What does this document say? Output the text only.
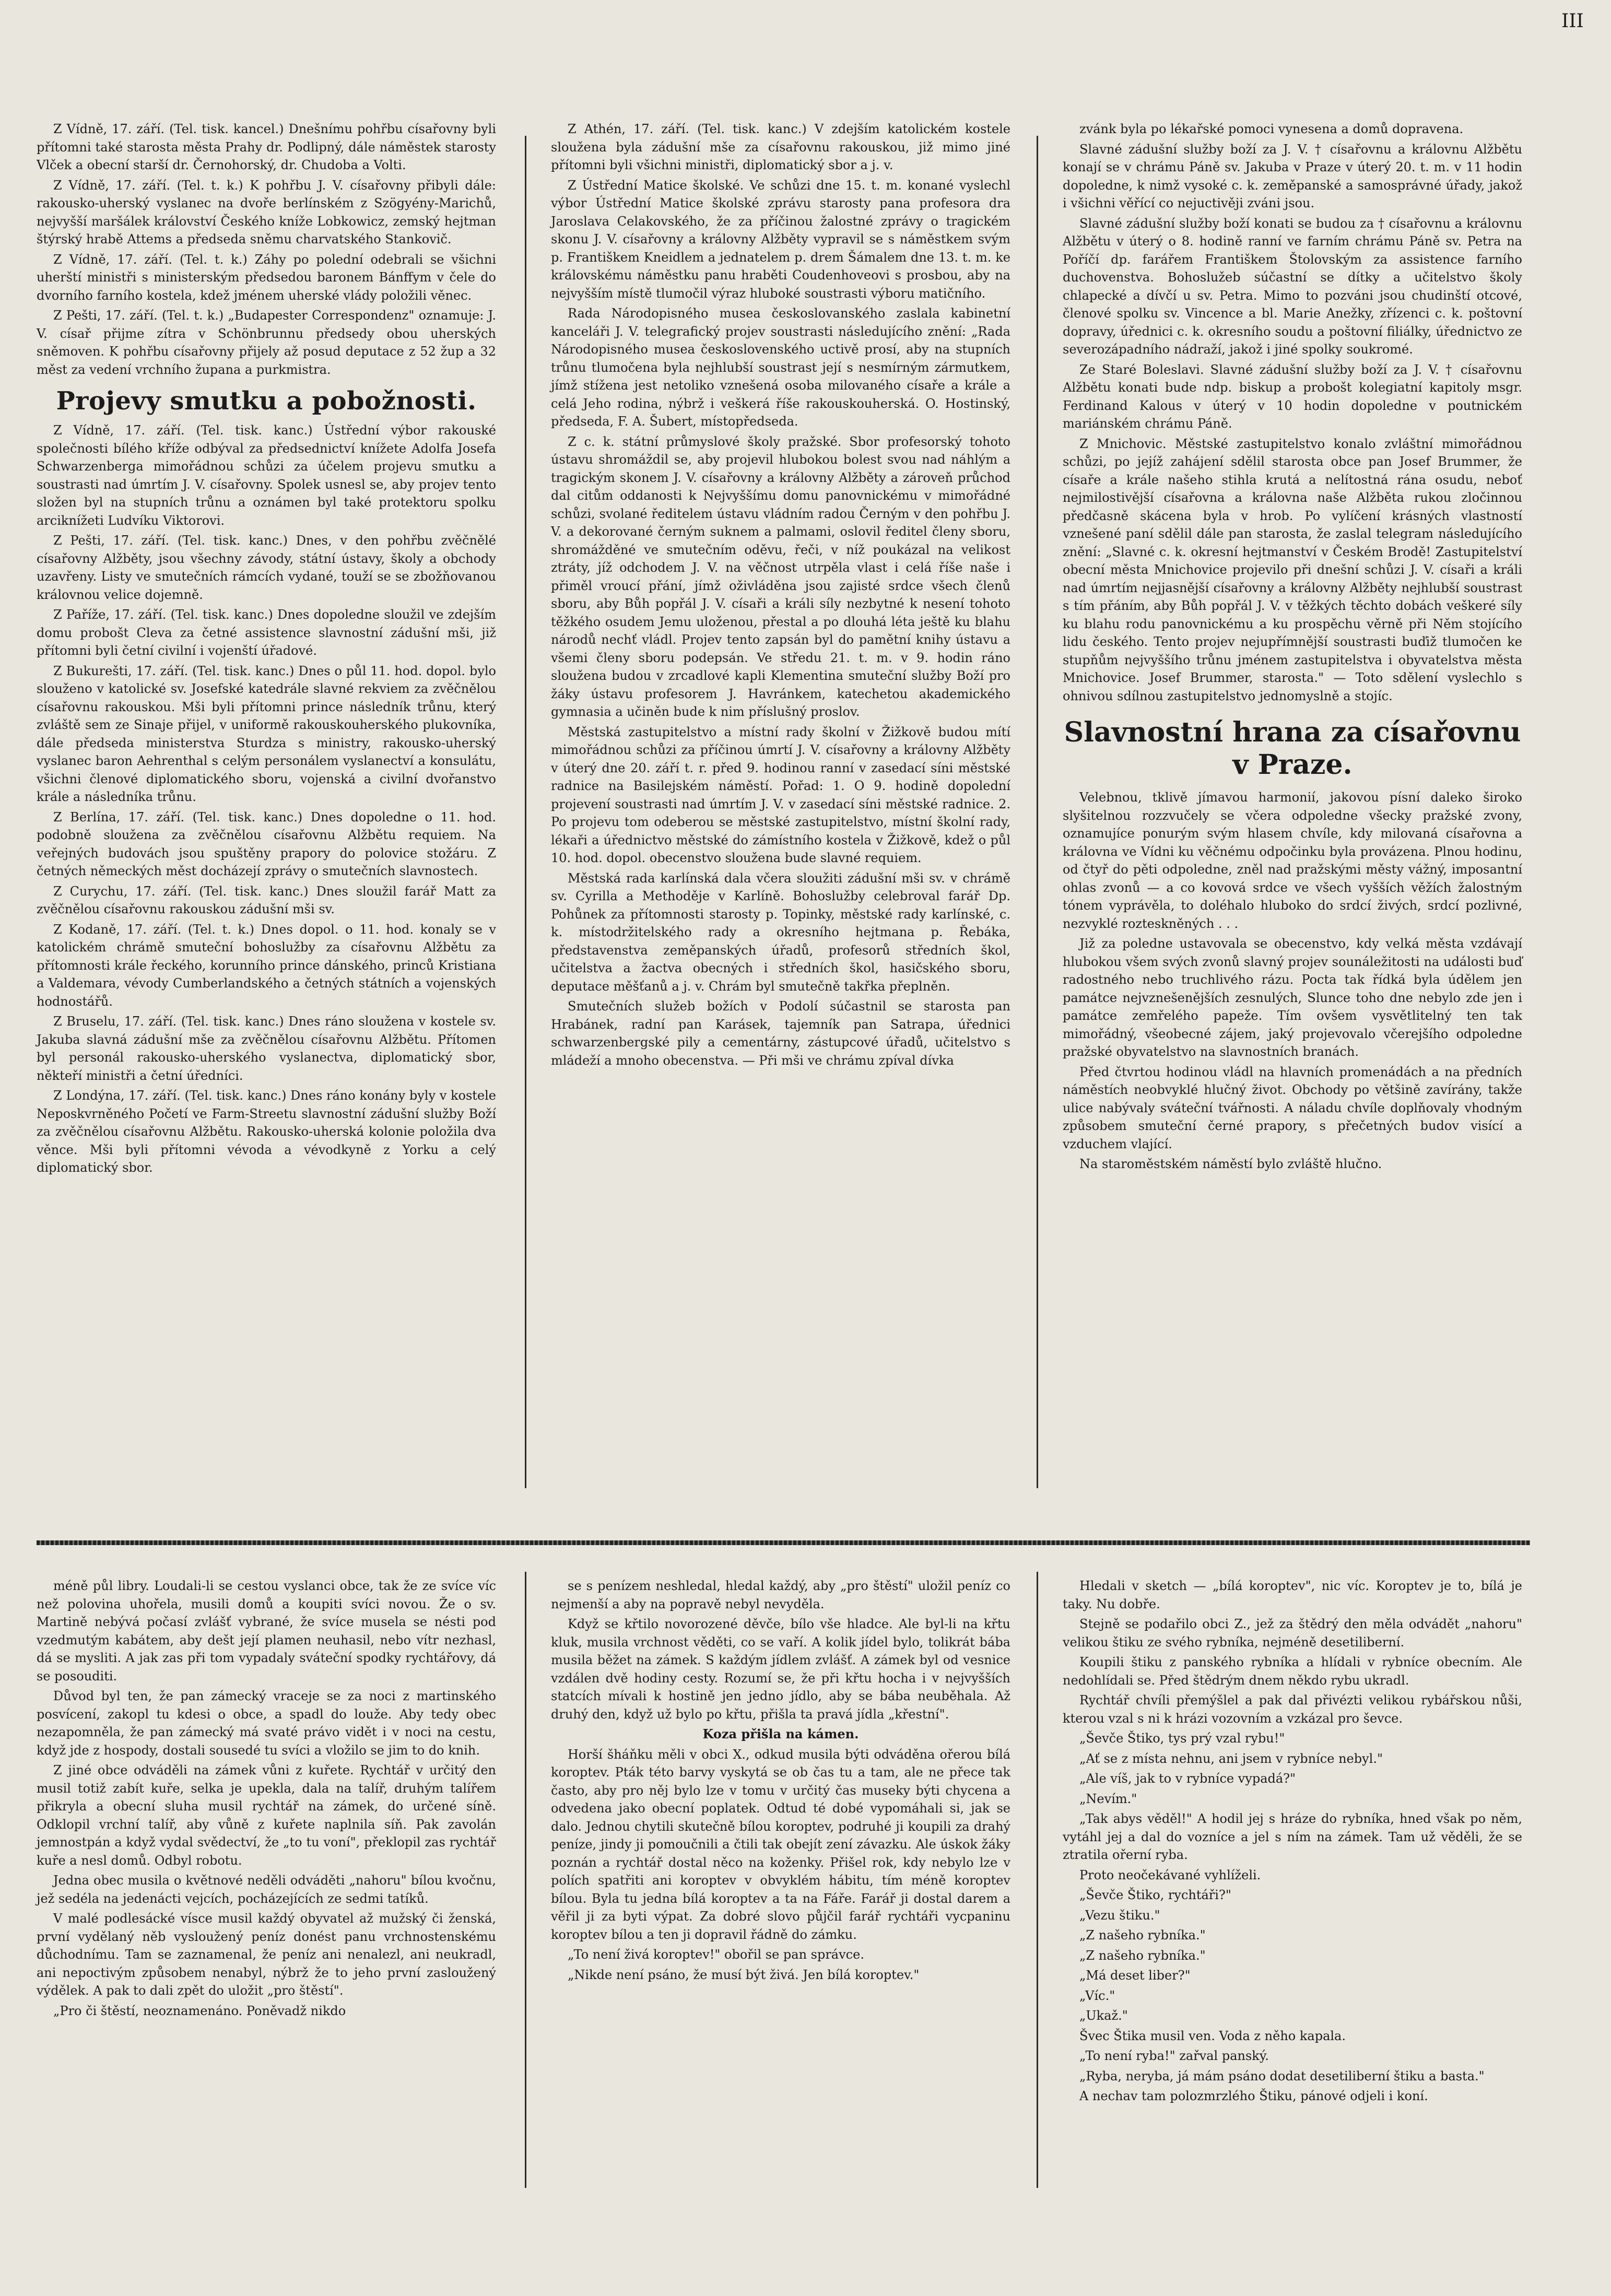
Z Vídně, 17. září. (Tel. tisk. kancel.) Dnešnímu pohřbu císařovny byli přítomni také starosta města Prahy dr. Podlipný, dále náměstek starosty Vlček a obecní starší dr. Černohorský, dr. Chudoba a Volti.

Z Vídně, 17. září. (Tel. t. k.) K pohřbu J. V. císařovny přibyli dále: rakousko-uherský vyslanec na dvoře berlínském z Szögyény-Marichů, nejvyšší maršálek království Českého kníže Lobkowicz, zemský hejtman štýrský hrabě Attems a předseda sněmu charvatského Stankovič.

Z Vídně, 17. září. (Tel. t. k.) Záhy po polední odebrali se všichni uherští ministři s ministerským předsedou baronem Bánffym v čele do dvorního farního kostela, kdež jménem uherské vlády položili věnec.

Z Pešti, 17. září. (Tel. t. k.) „Budapester Correspondenz" oznamuje: J. V. císař přijme zítra v Schönbrunnu předsedy obou uherských sněmoven. K pohřbu císařovny přijely až posud deputace z 52 žup a 32 měst za vedení vrchního župana a purkmistra.

Projevy smutku a pobožnosti.

Z Vídně, 17. září. (Tel. tisk. kanc.) Ústřední výbor rakouské společnosti bílého kříže odbýval za předsednictví knížete Adolfa Josefa Schwarzenberga mimořádnou schůzi za účelem projevu smutku a soustrasti nad úmrtím J. V. císařovny. Spolek usnesl se, aby projev tento složen byl na stupních trůnu a oznámen byl také protektoru spolku arciknížeti Ludvíku Viktorovi.

Z Pešti, 17. září. (Tel. tisk. kanc.) Dnes, v den pohřbu zvěčnělé císařovny Alžběty, jsou všechny závody, státní ústavy, školy a obchody uzavřeny. Listy ve smutečních rámcích vydané, touží se se zbožňovanou královnou velice dojemně.

Z Paříže, 17. září. (Tel. tisk. kanc.) Dnes dopoledne sloužil ve zdejším domu probošt Cleva za četné assistence slavnostní zádušní mši, již přítomni byli četní civilní i vojenští úřadové.

Z Bukurešti, 17. září. (Tel. tisk. kanc.) Dnes o půl 11. hod. dopol. bylo slouženo v katolické sv. Josefské katedrále slavné rekviem za zvěčnělou císařovnu rakouskou. Mši byli přítomni prince následník trůnu, který zvláště sem ze Sinaje přijel, v uniformě rakouskouherského plukovníka, dále předseda ministerstva Sturdza s ministry, rakousko-uherský vyslanec baron Aehrenthal s celým personálem vyslanectví a konsulátu, všichni členové diplomatického sboru, vojenská a civilní dvořanstvo krále a následníka trůnu.

Z Berlína, 17. září. (Tel. tisk. kanc.) Dnes dopoledne o 11. hod. podobně sloužena za zvěčnělou císařovnu Alžbětu requiem. Na veřejných budovách jsou spuštěny prapory do polovice stožáru. Z četných německých měst docházejí zprávy o smutečních slavnostech.

Z Curychu, 17. září. (Tel. tisk. kanc.) Dnes sloužil farář Matt za zvěčnělou císařovnu rakouskou zádušní mši sv.

Z Kodaně, 17. září. (Tel. t. k.) Dnes dopol. o 11. hod. konaly se v katolickém chrámě smuteční bohoslužby za císařovnu Alžbětu za přítomnosti krále řeckého, korunního prince dánského, princů Kristiana a Valdemara, vévody Cumberlandského a četných státních a vojenských hodnostářů.

Z Bruselu, 17. září. (Tel. tisk. kanc.) Dnes ráno sloužena v kostele sv. Jakuba slavná zádušní mše za zvěčnělou císařovnu Alžbětu. Přítomen byl personál rakousko-uherského vyslanectva, diplomatický sbor, někteří ministři a četní úředníci.

Z Londýna, 17. září. (Tel. tisk. kanc.) Dnes ráno konány byly v kostele Neposkvrněného Početí ve Farm-Streetu slavnostní zádušní služby Boží za zvěčnělou císařovnu Alžbětu. Rakousko-uherská kolonie položila dva věnce. Mši byli přítomni vévoda a vévodkyně z Yorku a celý diplomatický sbor.

Z Athén, 17. září. (Tel. tisk. kanc.) V zdejším katolickém kostele sloužena byla zádušní mše za císařovnu rakouskou, již mimo jiné přítomni byli všichni ministři, diplomatický sbor a j. v.

Z Ústřední Matice školské. Ve schůzi dne 15. t. m. konané vyslechl výbor Ústřední Matice školské zprávu starosty pana profesora dra Jaroslava Celakovského, že za příčinou žalostné zprávy o tragickém skonu J. V. císařovny a královny Alžběty vypravil se s náměstkem svým p. Františkem Kneidlem a jednatelem p. drem Šámalem dne 13. t. m. ke královskému náměstku panu hraběti Coudenhoveovi s prosbou, aby na nejvyšším místě tlumočil výraz hluboké soustrasti výboru matičního.

Rada Národopisného musea českoslovanského zaslala kabinetní kanceláři J. V. telegrafický projev soustrasti následujícího znění: „Rada Národopisného musea československého uctivě prosí, aby na stupních trůnu tlumočena byla nejhlubší soustrast její s nesmírným zármutkem, jímž stížena jest netoliko vznešená osoba milovaného císaře a krále a celá Jeho rodina, nýbrž i veškerá říše rakouskouherská. O. Hostinský, předseda, F. A. Šubert, místopředseda.

Z c. k. státní průmyslové školy pražské. Sbor profesorský tohoto ústavu shromáždil se, aby projevil hlubokou bolest svou nad náhlým a tragickým skonem J. V. císařovny a královny Alžběty a zároveň průchod dal citům oddanosti k Nejvyššímu domu panovnickému v mimořádné schůzi, svolané ředitelem ústavu vládním radou Černým v den pohřbu J. V. a dekorované černým suknem a palmami, oslovil ředitel členy sboru, shromážděné ve smutečním oděvu, řeči, v níž poukázal na velikost ztráty, jíž odchodem J. V. na věčnost utrpěla vlast i celá říše naše i přiměl vroucí přání, jímž oživláděna jsou zajisté srdce všech členů sboru, aby Bůh popřál J. V. císaři a králi síly nezbytné k nesení tohoto těžkého osudem Jemu uloženou, přestal a po dlouhá léta ještě ku blahu národů nechť vládl. Projev tento zapsán byl do pamětní knihy ústavu a všemi členy sboru podepsán. Ve středu 21. t. m. v 9. hodin ráno sloužena budou v zrcadlové kapli Klementina smuteční služby Boží pro žáky ústavu profesorem J. Havránkem, katechetou akademického gymnasia a učiněn bude k nim příslušný proslov.

Městská zastupitelstvo a místní rady školní v Žižkově budou mítí mimořádnou schůzi za příčinou úmrtí J. V. císařovny a královny Alžběty v úterý dne 20. září t. r. před 9. hodinou ranní v zasedací síni městské radnice na Basilejském náměstí. Pořad: 1. O 9. hodině dopolední projevení soustrasti nad úmrtím J. V. v zasedací síni městské radnice. 2. Po projevu tom odeberou se městské zastupitelstvo, místní školní rady, lékaři a úřednictvo městské do zámístního kostela v Žižkově, kdež o půl 10. hod. dopol. obecenstvo sloužena bude slavné requiem.

Městská rada karlínská dala včera sloužiti zádušní mši sv. v chrámě sv. Cyrilla a Methoděje v Karlíně. Bohoslužby celebroval farář Dp. Pohůnek za přítomnosti starosty p. Topinky, městské rady karlínské, c. k. místodržitelského rady a okresního hejtmana p. Řebáka, představenstva zeměpanských úřadů, profesorů středních škol, učitelstva a žactva obecných i středních škol, hasičského sboru, deputace měšťanů a j. v. Chrám byl smutečně takřka přeplněn.

Smutečních služeb božích v Podolí súčastnil se starosta pan Hrabánek, radní pan Karásek, tajemník pan Satrapa, úřednici schwarzenbergské pily a cementárny, zástupcové úřadů, učitelstvo s mládeží a mnoho obecenstva. — Při mši ve chrámu zpíval dívka

zvánk byla po lékařské pomoci vynesena a domů dopravena.

Slavné zádušní služby boží za J. V. † císařovnu a královnu Alžbětu konají se v chrámu Páně sv. Jakuba v Praze v úterý 20. t. m. v 11 hodin dopoledne, k nimž vysoké c. k. zeměpanské a samosprávné úřady, jakož i všichni věřící co nejuctivěji zváni jsou.

Slavné zádušní služby boží konati se budou za † císařovnu a královnu Alžbětu v úterý o 8. hodině ranní ve farním chrámu Páně sv. Petra na Poříčí dp. farářem Františkem Štolovským za assistence farního duchovenstva. Bohoslužeb súčastní se dítky a učitelstvo školy chlapecké a dívčí u sv. Petra. Mimo to pozváni jsou chudinští otcové, členové spolku sv. Vincence a bl. Marie Anežky, zřízenci c. k. poštovní dopravy, úřednici c. k. okresního soudu a poštovní filiálky, úřednictvo ze severozápadního nádraží, jakož i jiné spolky soukromé.

Ze Staré Boleslavi. Slavné zádušní služby boží za J. V. † císařovnu Alžbětu konati bude ndp. biskup a probošt kolegiatní kapitoly msgr. Ferdinand Kalous v úterý v 10 hodin dopoledne v poutnickém mariánském chrámu Páně.

Z Mnichovic. Městské zastupitelstvo konalo zvláštní mimořádnou schůzi, po jejíž zahájení sdělil starosta obce pan Josef Brummer, že císaře a krále našeho stihla krutá a nelítostná rána osudu, neboť nejmilostivější císařovna a královna naše Alžběta rukou zločinnou předčasně skácena byla v hrob. Po vylíčení krásných vlastností vznešené paní sdělil dále pan starosta, že zaslal telegram následujícího znění: „Slavné c. k. okresní hejtmanství v Českém Brodě! Zastupitelství obecní města Mnichovice projevilo při dnešní schůzi J. V. císaři a králi nad úmrtím nejjasnější císařovny a královny Alžběty nejhlubší soustrast s tím přáním, aby Bůh popřál J. V. v těžkých těchto dobách veškeré síly ku blahu rodu panovnickému a ku prospěchu věrně při Něm stojícího lidu českého. Tento projev nejupřímnější soustrasti buďiž tlumočen ke stupňům nejvyššího trůnu jménem zastupitelstva i obyvatelstva města Mnichovice. Josef Brummer, starosta." — Toto sdělení vyslechlo s ohnivou sdílnou zastupitelstvo jednomyslně a stojíc.

Slavnostní hrana za císařovnu v Praze.

Velebnou, tklivě jímavou harmonií, jakovou písní daleko široko slyšitelnou rozzvučely se včera odpoledne všecky pražské zvony, oznamujíce ponurým svým hlasem chvíle, kdy milovaná císařovna a královna ve Vídni ku věčnému odpočinku byla provázena. Plnou hodinu, od čtyř do pěti odpoledne, zněl nad pražskými městy vážný, imposantní ohlas zvonů — a co kovová srdce ve všech vyšších věžích žalostným tónem vyprávěla, to doléhalo hluboko do srdcí živých, srdcí pozlivné, nezvyklé rozteskněných . . .

Již za poledne ustavovala se obecenstvo, kdy velká města vzdávají hlubokou všem svých zvonů slavný projev sounáležitosti na události buď radostného nebo truchlivého rázu. Pocta tak řídká byla údělem jen památce nejvznešenějších zesnulých, Slunce toho dne nebylo zde jen i památce zemřelého papeže. Tím ovšem vysvětlitelný ten tak mimořádný, všeobecné zájem, jaký projevovalo včerejšího odpoledne pražské obyvatelstvo na slavnostních branách.

Před čtvrtou hodinou vládl na hlavních promenádách a na předních náměstích neobvyklé hlučný život. Obchody po většině zavírány, takže ulice nabývaly sváteční tvářnosti. A náladu chvíle doplňovaly vhodným způsobem smuteční černé prapory, s přečetných budov visící a vzduchem vlající.

Na staroměstském náměstí bylo zvláště hlučno.

méně půl libry. Loudali-li se cestou vyslanci obce, tak že ze svíce víc než polovina uhořela, musili domů a koupiti svíci novou. Že o sv. Martině nebývá počasí zvlášť vybrané, že svíce musela se nésti pod vzedmutým kabátem, aby dešt její plamen neuhasil, nebo vítr nezhasl, dá se mysliti. A jak zas při tom vypadaly sváteční spodky rychtářovy, dá se posouditi.

Důvod byl ten, že pan zámecký vraceje se za noci z martinského posvícení, zakopl tu kdesi o obce, a spadl do louže. Aby tedy obec nezapomněla, že pan zámecký má svaté právo vidět i v noci na cestu, když jde z hospody, dostali sousedé tu svíci a vložilo se jim to do knih.

Z jiné obce odváděli na zámek vůni z kuřete. Rychtář v určitý den musil totiž zabít kuře, selka je upekla, dala na talíř, druhým talířem přikryla a obecní sluha musil rychtář na zámek, do určené síně. Odklopil vrchní talíř, aby vůně z kuřete naplnila síň. Pak zavolán jemnostpán a když vydal svědectví, že „to tu voní", překlopil zas rychtář kuře a nesl domů. Odbyl robotu.

Jedna obec musila o květnové neděli odváděti „nahoru" bílou kvočnu, jež sedéla na jedenácti vejcích, pocházejících ze sedmi tatíků.

V malé podlesácké vísce musil každý obyvatel až mužský či ženská, první vydělaný něb vysloužený peníz donést panu vrchnostenskému důchodnímu. Tam se zaznamenal, že peníz ani nenalezl, ani neukradl, ani nepoctivým způsobem nenabyl, nýbrž že to jeho první zasloužený výdělek. A pak to dali zpět do uložit „pro štěstí".

„Pro či štěstí, neoznamenáno. Poněvadž nikdo

se s penízem neshledal, hledal každý, aby „pro štěstí" uložil peníz co nejmenší a aby na popravě nebyl nevyděla.

Když se křtilo novorozené děvče, bílo vše hladce. Ale byl-li na křtu kluk, musila vrchnost věděti, co se vaří. A kolik jídel bylo, tolikrát bába musila běžet na zámek. S každým jídlem zvlášť. A zámek byl od vesnice vzdálen dvě hodiny cesty. Rozumí se, že při křtu hocha i v nejvyšších statcích mívali k hostině jen jedno jídlo, aby se bába neuběhala. Až druhý den, když už bylo po křtu, přišla ta pravá jídla „křestní".

Koza přišla na kámen.

Horší šháňku měli v obci X., odkud musila býti odváděna ořerou bílá koroptev. Pták této barvy vyskytá se ob čas tu a tam, ale ne přece tak často, aby pro něj bylo lze v tomu v určitý čas museky býti chycena a odvedena jako obecní poplatek. Odtud té dobé vypomáhali si, jak se dalo. Jednou chytili skutečně bílou koroptev, podruhé ji koupili za drahý peníze, jindy ji pomoučnili a čtili tak obejít zení závazku. Ale úskok žáky poznán a rychtář dostal něco na koženky. Přišel rok, kdy nebylo lze v polích spatřiti ani koroptev v obvyklém hábitu, tím méně koroptev bílou. Byla tu jedna bílá koroptev a ta na Fáře. Farář ji dostal darem a věřil ji za byti výpat. Za dobré slovo půjčil farář rychtáři vycpaninu koroptev bílou a ten ji dopravil řádně do zámku.

„To není živá koroptev!" obořil se pan správce.

„Nikde není psáno, že musí být živá. Jen bílá koroptev."

Hledali v sketch — „bílá koroptev", nic víc. Koroptev je to, bílá je taky. Nu dobře.

Stejně se podařilo obci Z., jež za štědrý den měla odvádět „nahoru" velikou štiku ze svého rybníka, nejméně desetiliberní.

Koupili štiku z panského rybníka a hlídali v rybníce obecním. Ale nedohlídali se. Před štědrým dnem někdo rybu ukradl.

Rychtář chvíli přemýšlel a pak dal přivézti velikou rybářskou nůši, kterou vzal s ni k hrázi vozovním a vzkázal pro ševce.

„Ševče Štiko, tys prý vzal rybu!"

„Ať se z místa nehnu, ani jsem v rybníce nebyl."

„Ale víš, jak to v rybníce vypadá?"

„Nevím."

„Tak abys věděl!" A hodil jej s hráze do rybníka, hned však po něm, vytáhl jej a dal do vozníce a jel s ním na zámek. Tam už věděli, že se ztratila ořerní ryba.

Proto neočekávané vyhlíželi.

„Ševče Štiko, rychtáři?"

„Vezu štiku."

„Z našeho rybníka."

„Z našeho rybníka."

„Má deset liber?"

„Víc."

„Ukaž."

Švec Štika musil ven. Voda z něho kapala.

„To není ryba!" zařval panský.

„Ryba, neryba, já mám psáno dodat desetiliberní štiku a basta."

A nechav tam polozmrzlého Štiku, pánové odjeli i koní.

III
